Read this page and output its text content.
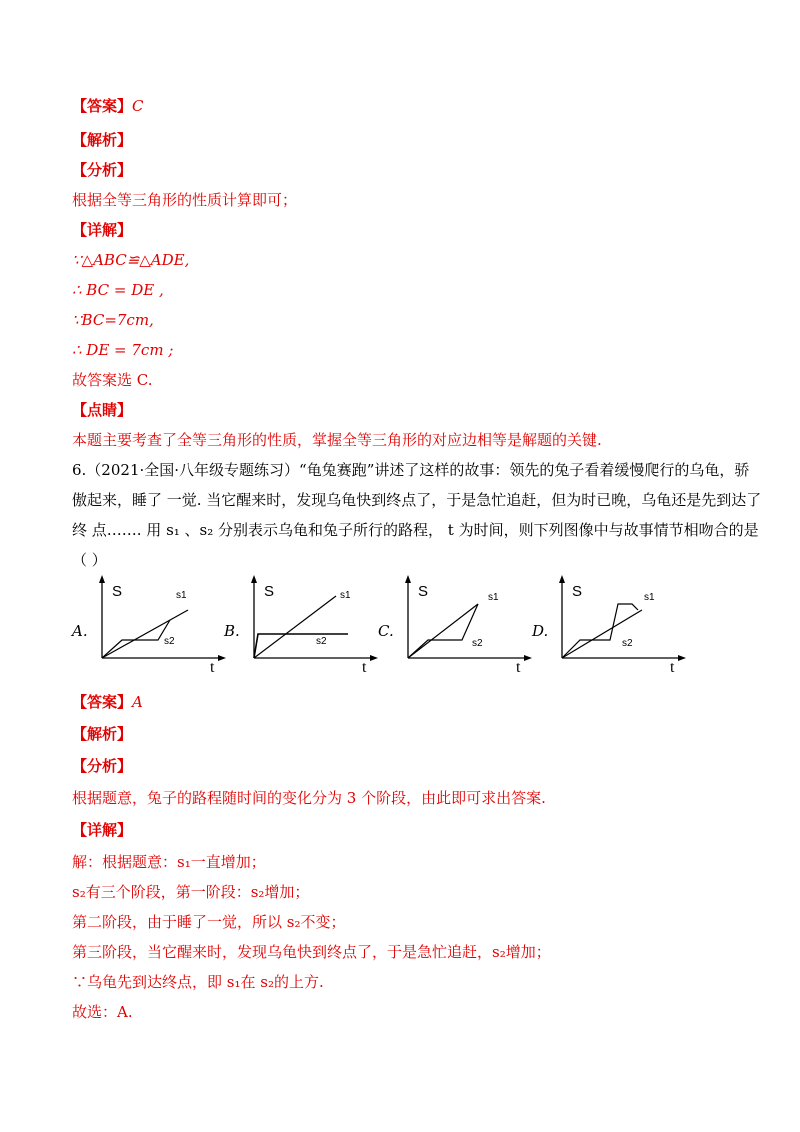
【答案】C
【解析】
【分析】
根据全等三角形的性质计算即可；
【详解】
∵△ABC≌△ADE,
∴ BC = DE ,
∵BC=7cm,
∴ DE = 7cm ;
故答案选 C.
【点睛】
本题主要考查了全等三角形的性质，掌握全等三角形的对应边相等是解题的关键.
6.（2021·全国·八年级专题练习）“龟兔赛跑”讲述了这样的故事：领先的兔子看着缓慢爬行的乌龟，骄
傲起来，睡了 一觉. 当它醒来时，发现乌龟快到终点了，于是急忙追赶，但为时已晚，乌龟还是先到达了
终 点……. 用 s₁ 、s₂ 分别表示乌龟和兔子所行的路程， t 为时间，则下列图像中与故事情节相吻合的是
（ ）
A.
S
t
s1
s2
B.
S
t
s1
s2
C.
S
t
s1
s2
D.
S
t
s1
s2
【答案】A
【解析】
【分析】
根据题意，兔子的路程随时间的变化分为 3 个阶段，由此即可求出答案.
【详解】
解：根据题意：s₁一直增加；
s₂有三个阶段，第一阶段：s₂增加；
第二阶段，由于睡了一觉，所以 s₂不变；
第三阶段，当它醒来时，发现乌龟快到终点了，于是急忙追赶，s₂增加；
∵乌龟先到达终点，即 s₁在 s₂的上方.
故选：A.
